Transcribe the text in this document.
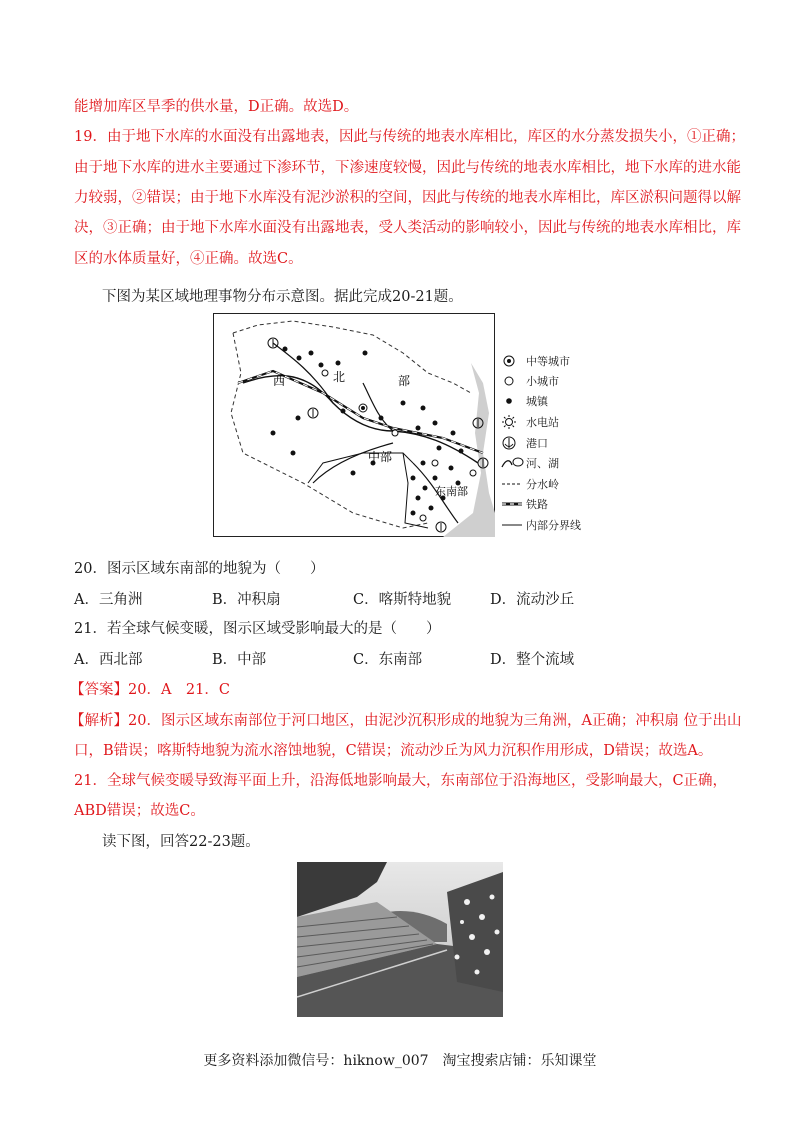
能增加库区旱季的供水量，D正确。故选D。
19．由于地下水库的水面没有出露地表，因此与传统的地表水库相比，库区的水分蒸发损失小，①正确；
由于地下水库的进水主要通过下渗环节，下渗速度较慢，因此与传统的地表水库相比，地下水库的进水能
力较弱，②错误；由于地下水库没有泥沙淤积的空间，因此与传统的地表水库相比，库区淤积问题得以解
决，③正确；由于地下水库水面没有出露地表，受人类活动的影响较小，因此与传统的地表水库相比，库
区的水体质量好，④正确。故选C。
下图为某区域地理事物分布示意图。据此完成20-21题。
西	北	部
中部
东南部
中等城市
小城市
城镇
水电站
港口
河、湖
分水岭
铁路
内部分界线
20．图示区域东南部的地貌为（　　）
A．三角洲	B．冲积扇	C．喀斯特地貌	D．流动沙丘
21．若全球气候变暖，图示区域受影响最大的是（　　）
A．西北部	B．中部	C．东南部	D．整个流域
【答案】20．A　21．C
【解析】20．图示区域东南部位于河口地区，由泥沙沉积形成的地貌为三角洲，A正确；冲积扇 位于出山
口，B错误；喀斯特地貌为流水溶蚀地貌，C错误；流动沙丘为风力沉积作用形成，D错误；故选A。
21．全球气候变暖导致海平面上升，沿海低地影响最大，东南部位于沿海地区，受影响最大，C正确，
ABD错误；故选C。
读下图，回答22-23题。
更多资料添加微信号：hiknow_007　淘宝搜索店铺：乐知课堂
